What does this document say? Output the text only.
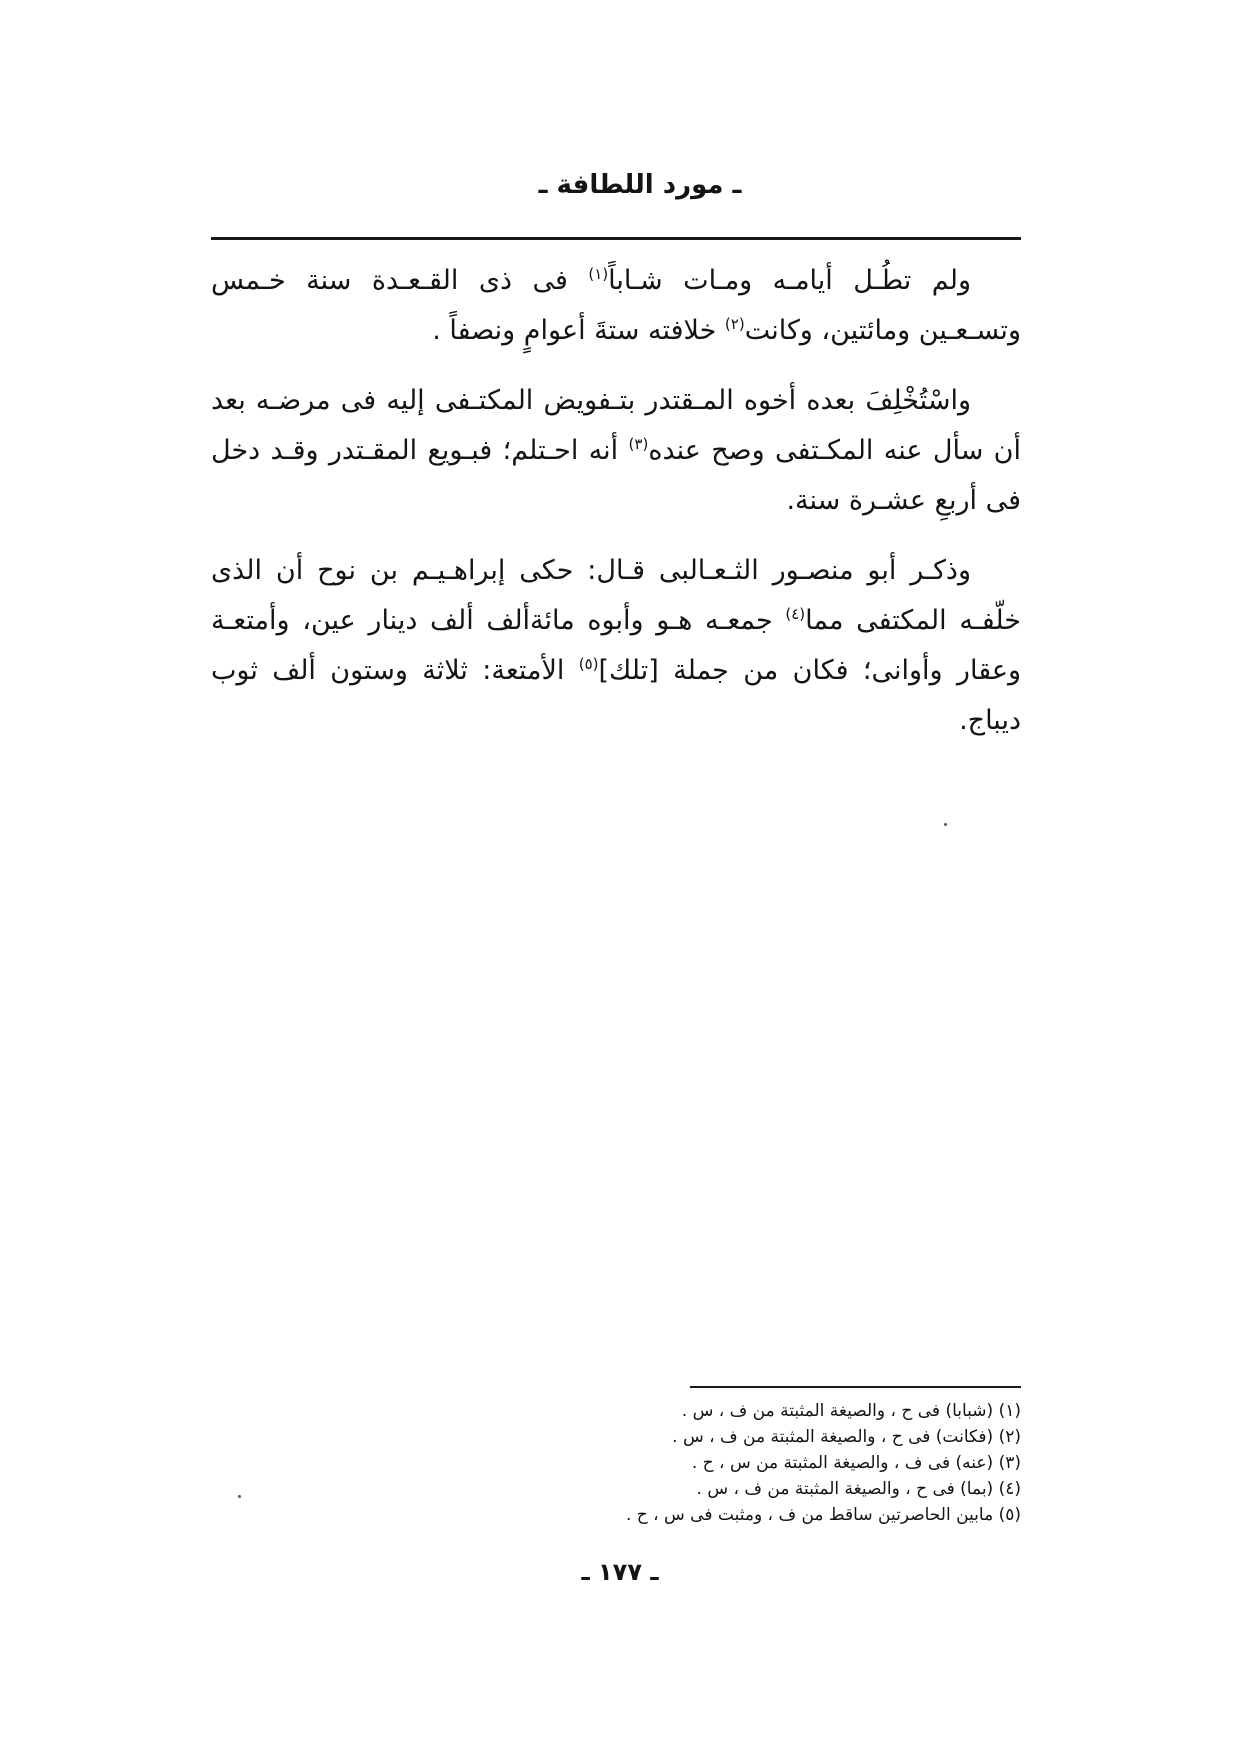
ـ مورد اللطافة ـ

ولم تطُـل أيامـه ومـات شـاباً$^{(١)}$ فى ذى القـعـدة سنة خـمس وتسـعـين ومائتين، وكانت$^{(٢)}$ خلافته ستةَ أعوامٍ ونصفاً .

واسْتُخْلِفَ بعده أخوه المـقتدر بتـفويض المكتـفى إليه فى مرضـه بعد أن سأل عنه المكـتفى وصح عنده$^{(٣)}$ أنه احـتلم؛ فبـويع المقـتدر وقـد دخل فى أربعِ عشـرة سنة.

وذكـر أبو منصـور الثـعـالبى قـال: حكى إبراهـيـم بن نوح أن الذى خلّفـه المكتفى مما$^{(٤)}$ جمعـه هـو وأبوه مائةألف ألف دينار عين، وأمتعـة وعقار وأوانى؛ فكان من جملة [تلك]$^{(٥)}$ الأمتعة: ثلاثة وستون ألف ثوب ديباج.

(١) (شبابا) فى ح ، والصيغة المثبتة من ف ، س .
(٢) (فكانت) فى ح ، والصيغة المثبتة من ف ، س .
(٣) (عنه) فى ف ، والصيغة المثبتة من س ، ح .
(٤) (بما) فى ح ، والصيغة المثبتة من ف ، س .
(٥) مابين الحاصرتين ساقط من ف ، ومثبت فى س ، ح .
ـ ١٧٧ ـ
